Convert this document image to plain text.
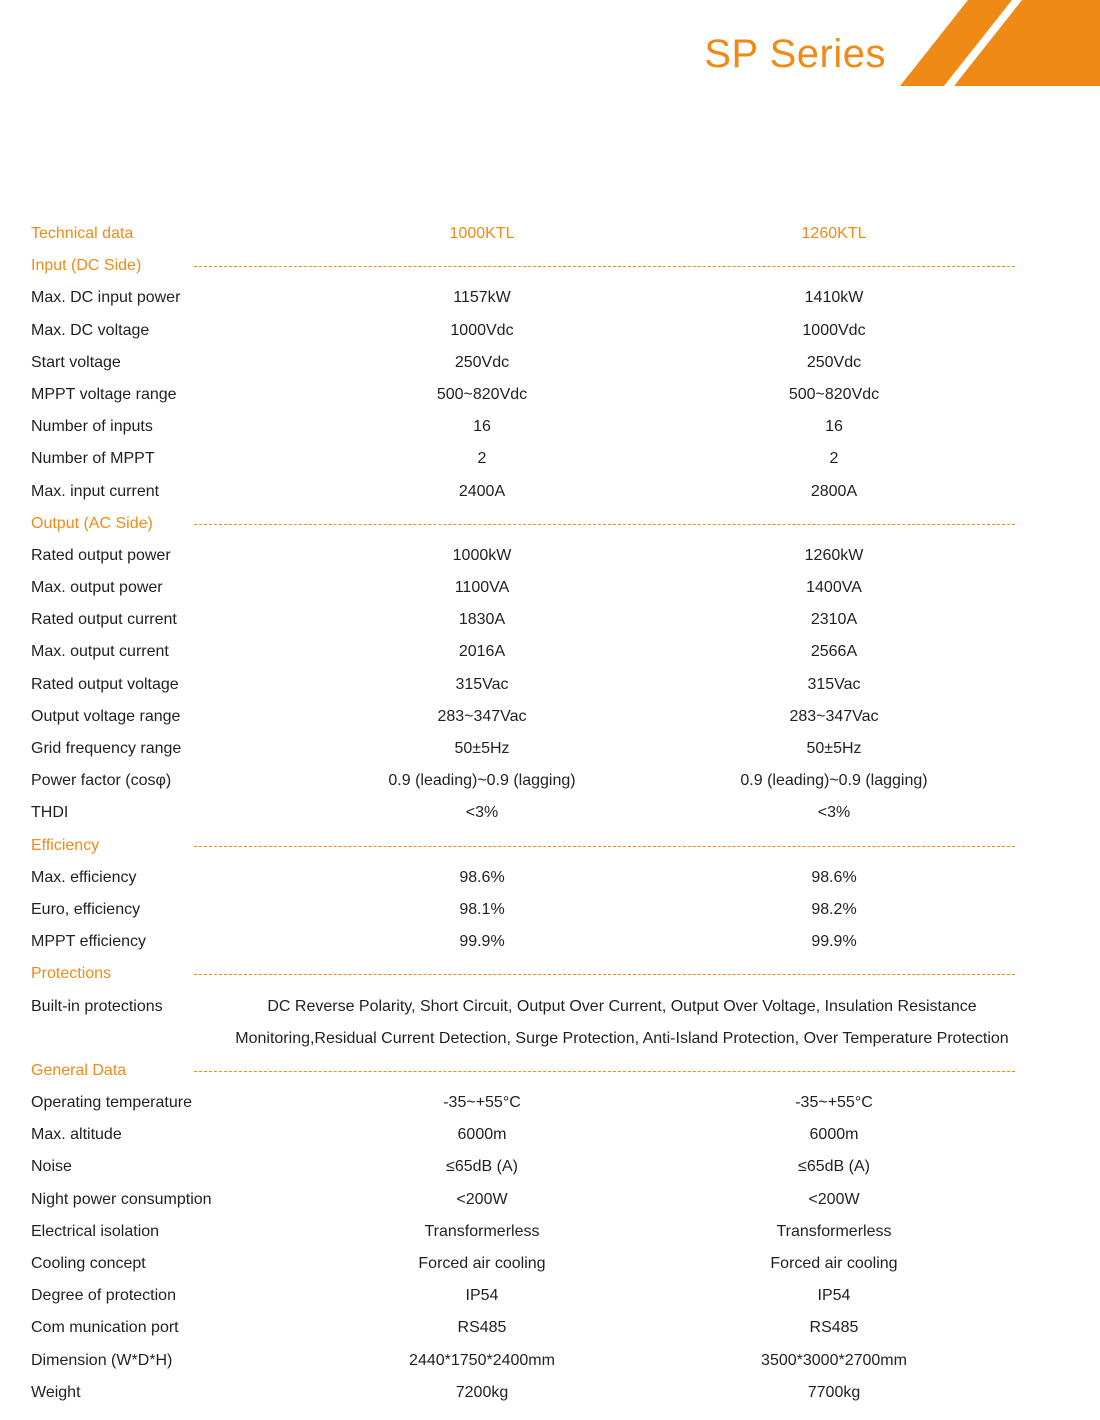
SP Series
Technical data	1000KTL	1260KTL
Input (DC Side)
Max. DC input power	1157kW	1410kW
Max. DC voltage	1000Vdc	1000Vdc
Start voltage	250Vdc	250Vdc
MPPT voltage range	500~820Vdc	500~820Vdc
Number of inputs	16	16
Number of MPPT	2	2
Max. input current	2400A	2800A
Output (AC Side)
Rated output power	1000kW	1260kW
Max. output power	1100VA	1400VA
Rated output current	1830A	2310A
Max. output current	2016A	2566A
Rated output voltage	315Vac	315Vac
Output voltage range	283~347Vac	283~347Vac
Grid frequency range	50±5Hz	50±5Hz
Power factor (cosφ)	0.9 (leading)~0.9 (lagging)	0.9 (leading)~0.9 (lagging)
THDI	<3%	<3%
Efficiency
Max. efficiency	98.6%	98.6%
Euro, efficiency	98.1%	98.2%
MPPT efficiency	99.9%	99.9%
Protections
Built-in protections	DC Reverse Polarity, Short Circuit, Output Over Current, Output Over Voltage, Insulation Resistance
Monitoring,Residual Current Detection, Surge Protection, Anti-Island Protection, Over Temperature Protection
General Data
Operating temperature	-35~+55°C	-35~+55°C
Max. altitude	6000m	6000m
Noise	≤65dB (A)	≤65dB (A)
Night power consumption	<200W	<200W
Electrical isolation	Transformerless	Transformerless
Cooling concept	Forced air cooling	Forced air cooling
Degree of protection	IP54	IP54
Com munication port	RS485	RS485
Dimension (W*D*H)	2440*1750*2400mm	3500*3000*2700mm
Weight	7200kg	7700kg
